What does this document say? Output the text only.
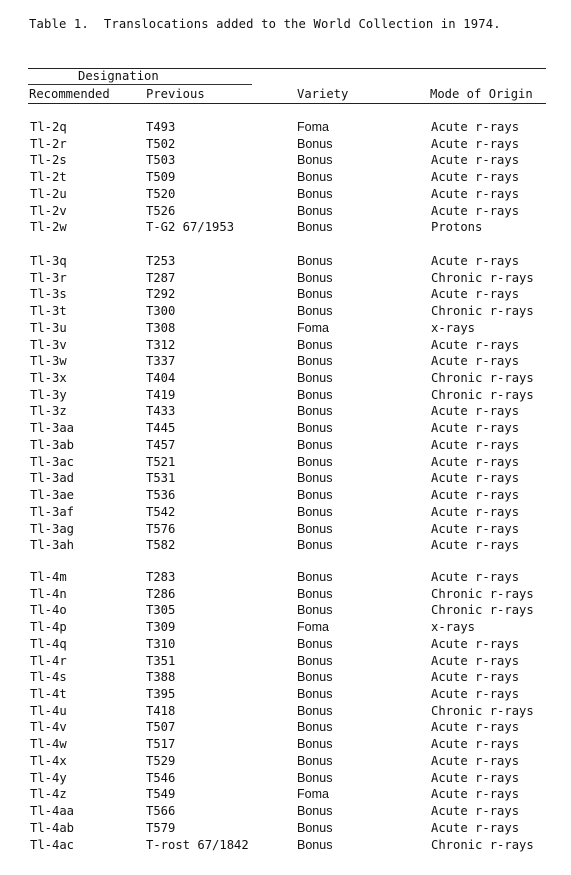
Table 1.  Translocations added to the World Collection in 1974.
Designation
Recommended	Previous	Variety	Mode of Origin
Tl-2q	T493	Foma	Acute r-rays
Tl-2r	T502	Bonus	Acute r-rays
Tl-2s	T503	Bonus	Acute r-rays
Tl-2t	T509	Bonus	Acute r-rays
Tl-2u	T520	Bonus	Acute r-rays
Tl-2v	T526	Bonus	Acute r-rays
Tl-2w	T-G2 67/1953	Bonus	Protons
Tl-3q	T253	Bonus	Acute r-rays
Tl-3r	T287	Bonus	Chronic r-rays
Tl-3s	T292	Bonus	Acute r-rays
Tl-3t	T300	Bonus	Chronic r-rays
Tl-3u	T308	Foma	x-rays
Tl-3v	T312	Bonus	Acute r-rays
Tl-3w	T337	Bonus	Acute r-rays
Tl-3x	T404	Bonus	Chronic r-rays
Tl-3y	T419	Bonus	Chronic r-rays
Tl-3z	T433	Bonus	Acute r-rays
Tl-3aa	T445	Bonus	Acute r-rays
Tl-3ab	T457	Bonus	Acute r-rays
Tl-3ac	T521	Bonus	Acute r-rays
Tl-3ad	T531	Bonus	Acute r-rays
Tl-3ae	T536	Bonus	Acute r-rays
Tl-3af	T542	Bonus	Acute r-rays
Tl-3ag	T576	Bonus	Acute r-rays
Tl-3ah	T582	Bonus	Acute r-rays
Tl-4m	T283	Bonus	Acute r-rays
Tl-4n	T286	Bonus	Chronic r-rays
Tl-4o	T305	Bonus	Chronic r-rays
Tl-4p	T309	Foma	x-rays
Tl-4q	T310	Bonus	Acute r-rays
Tl-4r	T351	Bonus	Acute r-rays
Tl-4s	T388	Bonus	Acute r-rays
Tl-4t	T395	Bonus	Acute r-rays
Tl-4u	T418	Bonus	Chronic r-rays
Tl-4v	T507	Bonus	Acute r-rays
Tl-4w	T517	Bonus	Acute r-rays
Tl-4x	T529	Bonus	Acute r-rays
Tl-4y	T546	Bonus	Acute r-rays
Tl-4z	T549	Foma	Acute r-rays
Tl-4aa	T566	Bonus	Acute r-rays
Tl-4ab	T579	Bonus	Acute r-rays
Tl-4ac	T-rost 67/1842	Bonus	Chronic r-rays
